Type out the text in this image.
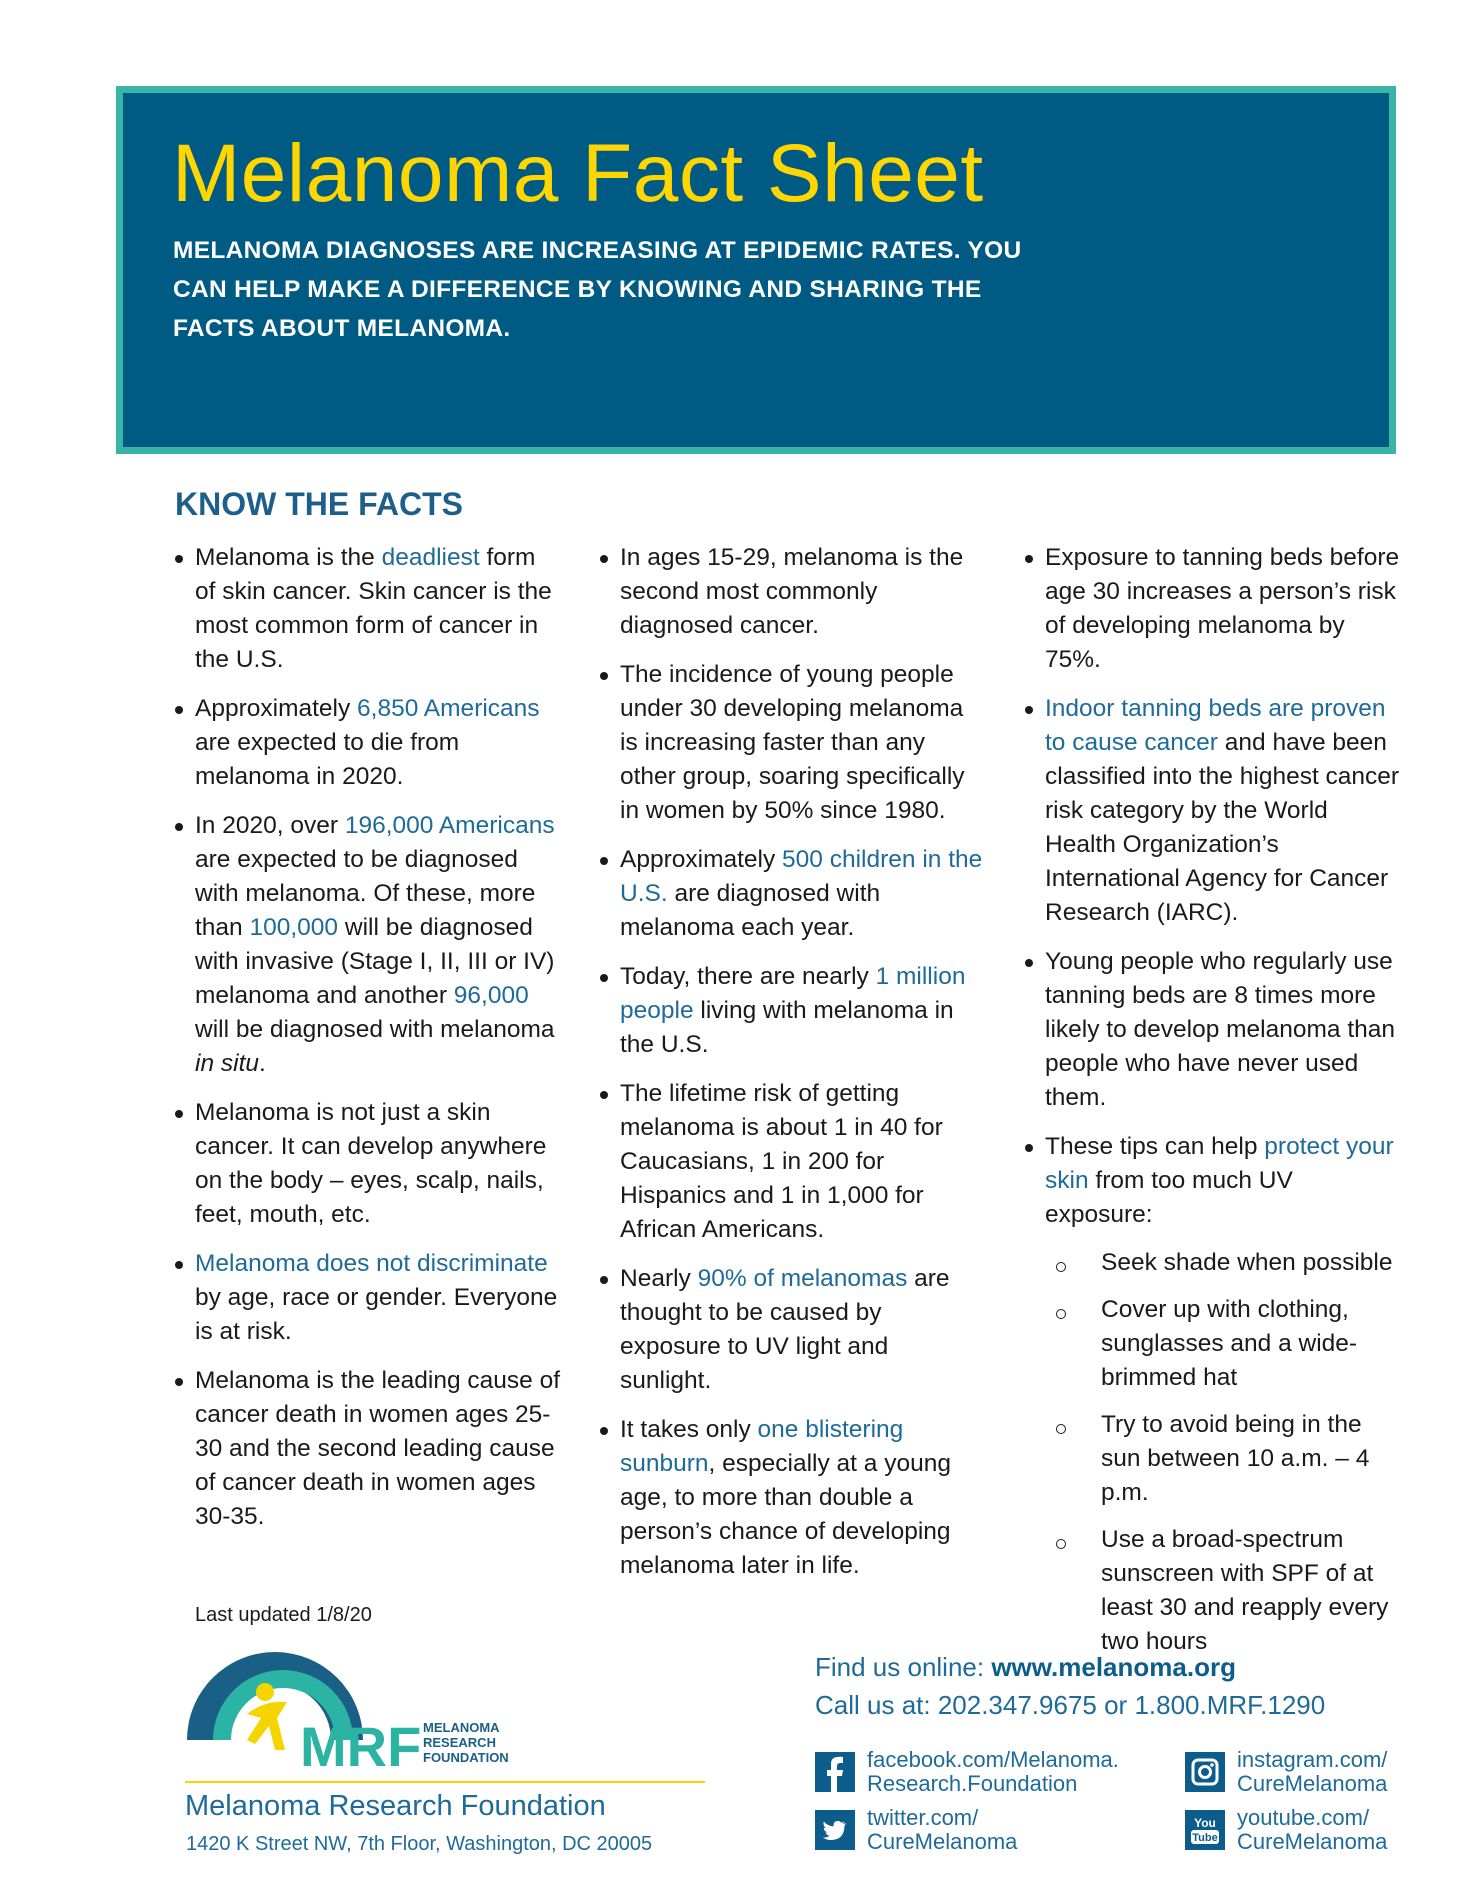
Melanoma Fact Sheet

MELANOMA DIAGNOSES ARE INCREASING AT EPIDEMIC RATES. YOU CAN HELP MAKE A DIFFERENCE BY KNOWING AND SHARING THE FACTS ABOUT MELANOMA.

KNOW THE FACTS
Melanoma is the deadliest form of skin cancer. Skin cancer is the most common form of cancer in the U.S.
Approximately 6,850 Americans are expected to die from melanoma in 2020.
In 2020, over 196,000 Americans are expected to be diagnosed with melanoma. Of these, more than 100,000 will be diagnosed with invasive (Stage I, II, III or IV) melanoma and another 96,000 will be diagnosed with melanoma in situ.
Melanoma is not just a skin cancer. It can develop anywhere on the body – eyes, scalp, nails, feet, mouth, etc.
Melanoma does not discriminate by age, race or gender. Everyone is at risk.
Melanoma is the leading cause of cancer death in women ages 25-30 and the second leading cause of cancer death in women ages 30-35.
In ages 15-29, melanoma is the second most commonly diagnosed cancer.
The incidence of young people under 30 developing melanoma is increasing faster than any other group, soaring specifically in women by 50% since 1980.
Approximately 500 children in the U.S. are diagnosed with melanoma each year.
Today, there are nearly 1 million people living with melanoma in the U.S.
The lifetime risk of getting melanoma is about 1 in 40 for Caucasians, 1 in 200 for Hispanics and 1 in 1,000 for African Americans.
Nearly 90% of melanomas are thought to be caused by exposure to UV light and sunlight.
It takes only one blistering sunburn, especially at a young age, to more than double a person’s chance of developing melanoma later in life.
Exposure to tanning beds before age 30 increases a person’s risk of developing melanoma by 75%.
Indoor tanning beds are proven to cause cancer and have been classified into the highest cancer risk category by the World Health Organization’s International Agency for Cancer Research (IARC).
Young people who regularly use tanning beds are 8 times more likely to develop melanoma than people who have never used them.
These tips can help protect your skin from too much UV exposure:
Seek shade when possible
Cover up with clothing, sunglasses and a wide-brimmed hat
Try to avoid being in the sun between 10 a.m. – 4 p.m.
Use a broad-spectrum sunscreen with SPF of at least 30 and reapply every two hours
Last updated 1/8/20
MRF MELANOMA
RESEARCH
FOUNDATION
Melanoma Research Foundation
1420 K Street NW, 7th Floor, Washington, DC 20005
Find us online: www.melanoma.org
Call us at: 202.347.9675 or 1.800.MRF.1290
facebook.com/Melanoma.
Research.Foundation
twitter.com/
CureMelanoma
instagram.com/
CureMelanoma
You
Tube
youtube.com/
CureMelanoma
